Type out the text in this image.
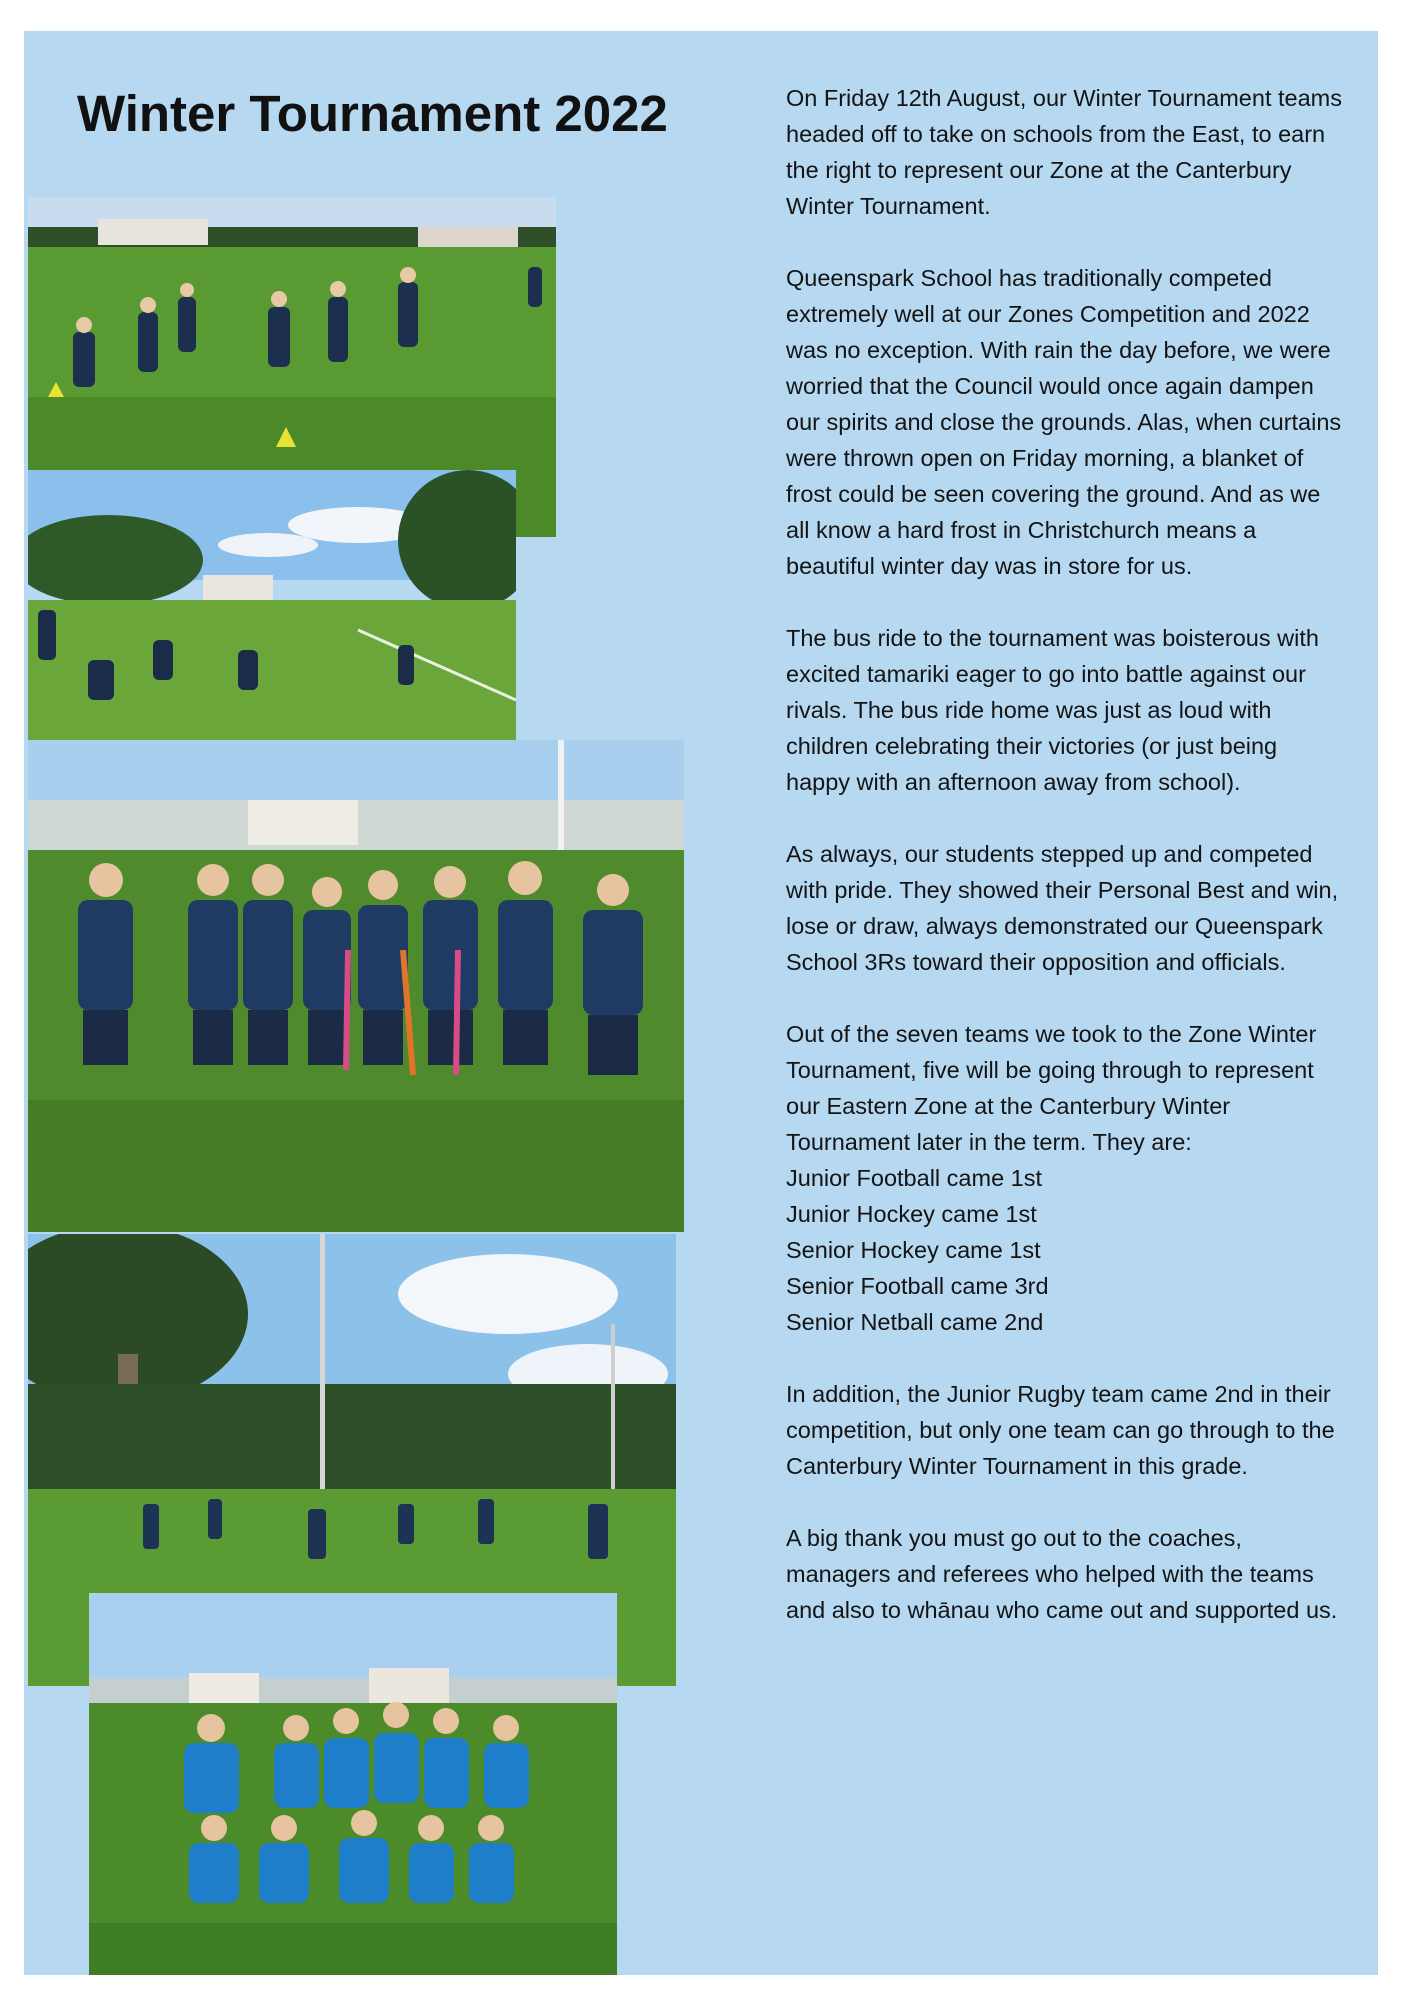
Winter Tournament 2022	On Friday 12th August, our Winter Tournament teams headed off to take on schools from the East, to earn the right to represent our Zone at the Canterbury Winter Tournament.

Queenspark School has traditionally competed extremely well at our Zones Competition and 2022 was no exception. With rain the day before, we were worried that the Council would once again dampen our spirits and close the grounds. Alas, when curtains were thrown open on Friday morning, a blanket of frost could be seen covering the ground. And as we all know a hard frost in Christchurch means a beautiful winter day was in store for us.

The bus ride to the tournament was boisterous with excited tamariki eager to go into battle against our rivals. The bus ride home was just as loud with children celebrating their victories (or just being happy with an afternoon away from school).

As always, our students stepped up and competed with pride. They showed their Personal Best and win, lose or draw, always demonstrated our Queenspark School 3Rs toward their opposition and officials.

Out of the seven teams we took to the Zone Winter Tournament, five will be going through to represent our Eastern Zone at the Canterbury Winter Tournament later in the term. They are:

Junior Football came 1st
Junior Hockey came 1st
Senior Hockey came 1st
Senior Football came 3rd
Senior Netball came 2nd

In addition, the Junior Rugby team came 2nd in their competition, but only one team can go through to the Canterbury Winter Tournament in this grade.

A big thank you must go out to the coaches, managers and referees who helped with the teams and also to whānau who came out and supported us.
